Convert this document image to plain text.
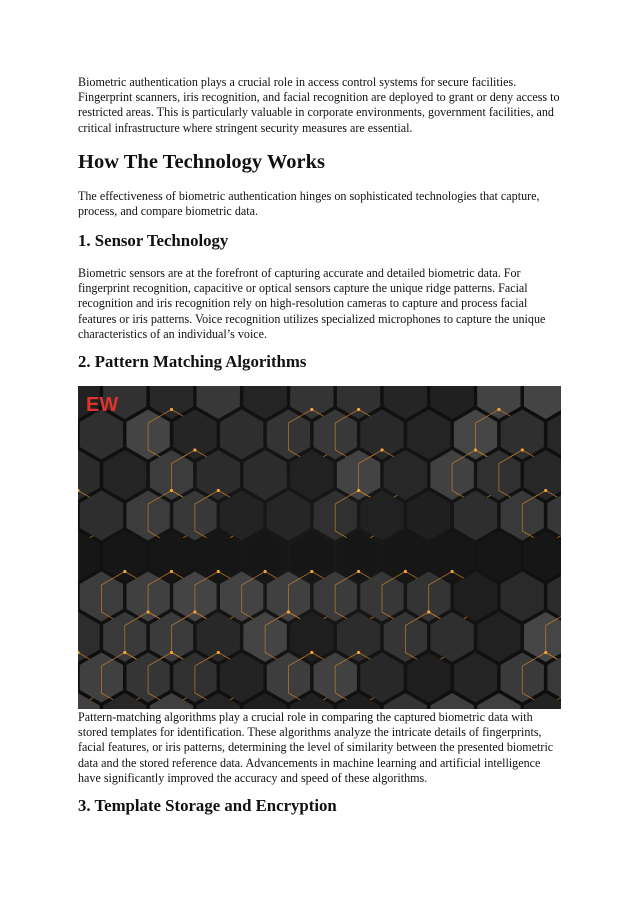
Biometric authentication plays a crucial role in access control systems for secure facilities. Fingerprint scanners, iris recognition, and facial recognition are deployed to grant or deny access to restricted areas. This is particularly valuable in corporate environments, government facilities, and critical infrastructure where stringent security measures are essential.

How The Technology Works

The effectiveness of biometric authentication hinges on sophisticated technologies that capture, process, and compare biometric data.

1. Sensor Technology

Biometric sensors are at the forefront of capturing accurate and detailed biometric data. For fingerprint recognition, capacitive or optical sensors capture the unique ridge patterns. Facial recognition and iris recognition rely on high-resolution cameras to capture and process facial features or iris patterns. Voice recognition utilizes specialized microphones to capture the unique characteristics of an individual’s voice.

2. Pattern Matching Algorithms
EW

Pattern-matching algorithms play a crucial role in comparing the captured biometric data with stored templates for identification. These algorithms analyze the intricate details of fingerprints, facial features, or iris patterns, determining the level of similarity between the presented biometric data and the stored reference data. Advancements in machine learning and artificial intelligence have significantly improved the accuracy and speed of these algorithms.

3. Template Storage and Encryption
